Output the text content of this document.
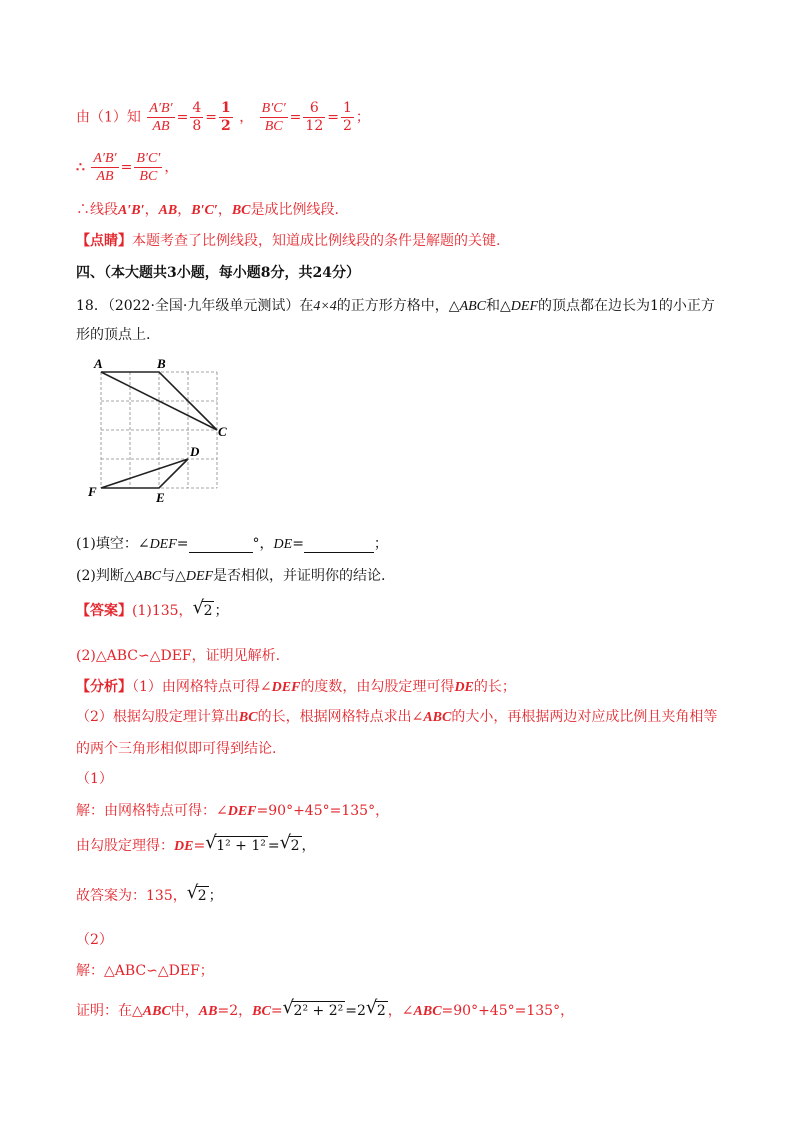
由（1）知 $\frac{A'B'}{AB} = \frac{4}{8} = \frac{1}{2}$ ， $\frac{B'C'}{BC} = \frac{6}{12} = \frac{1}{2}$ ；
∴ $\frac{A'B'}{AB} = \frac{B'C'}{BC}$ ，
∴线段A′B′，AB，B′C′，BC是成比例线段.
【点睛】本题考查了比例线段，知道成比例线段的条件是解题的关键.
四、（本大题共3小题，每小题8分，共24分）
18．（2022·全国·九年级单元测试）在4×4的正方形方格中，△ABC和△DEF的顶点都在边长为1的小正方
形的顶点上.
A	B
C
D
E
F
(1)填空：∠DEF=	°，DE=	；
(2)判断△ABC与△DEF是否相似，并证明你的结论.
【答案】(1)135， √ 2 ；
(2)△ABC∽△DEF，证明见解析.
【分析】（1）由网格特点可得∠DEF的度数，由勾股定理可得DE的长；
（2）根据勾股定理计算出BC的长，根据网格特点求出∠ABC的大小，再根据两边对应成比例且夹角相等
的两个三角形相似即可得到结论.
（1）
解：由网格特点可得：∠DEF=90°+45°=135°，
由勾股定理得：DE= √ 1² + 1² = √ 2 ，
故答案为：135， √ 2 ；
（2）
解：△ABC∽△DEF；
证明：在△ABC中，AB=2，BC= √ 2² + 2² =2 √ 2 ，∠ABC=90°+45°=135°，
